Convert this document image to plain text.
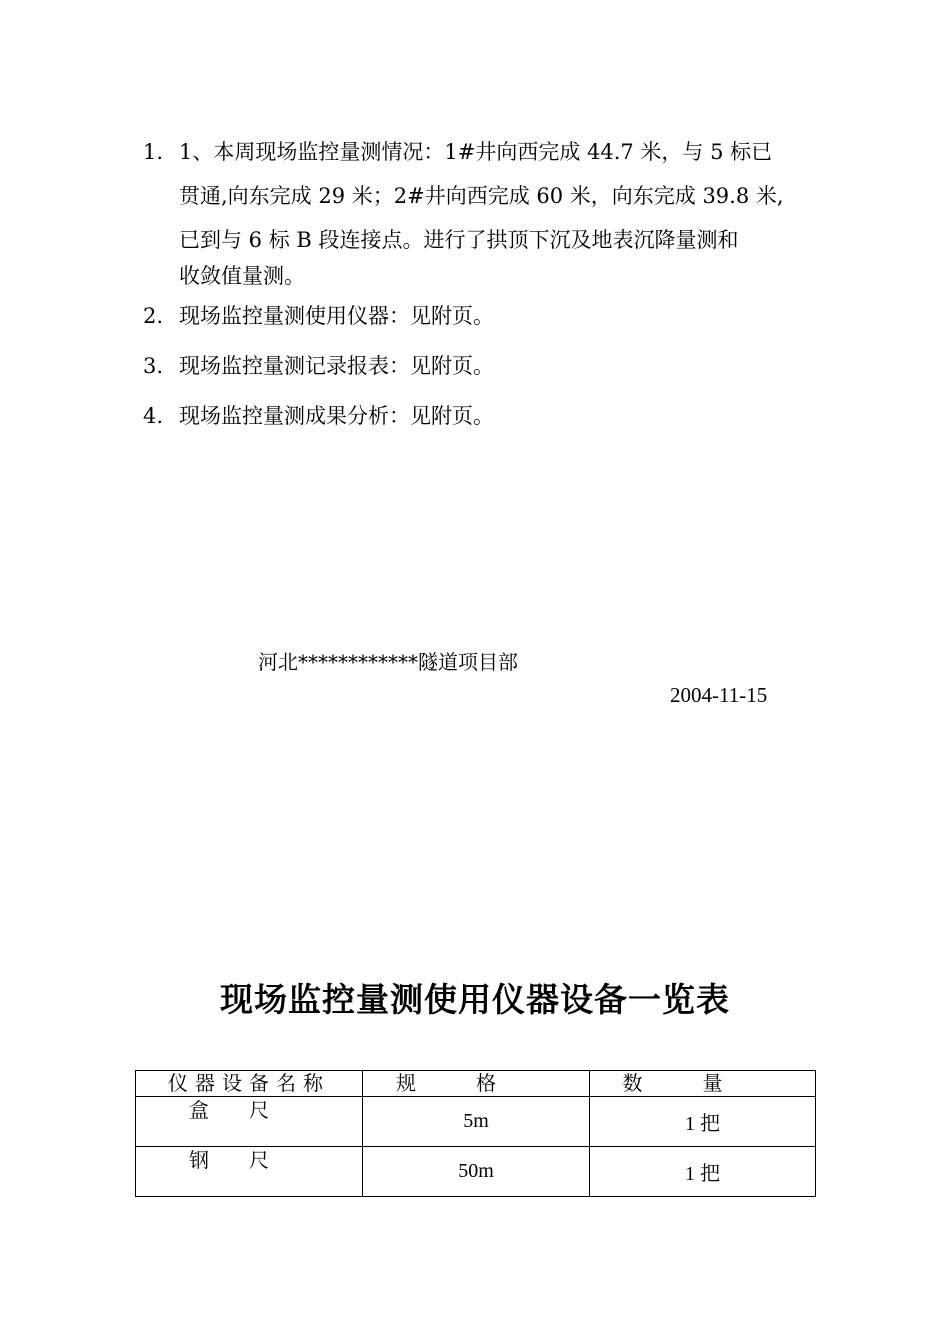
1. 1、本周现场监控量测情况：1#井向西完成 44.7 米，与 5 标已
贯通,向东完成 29 米；2#井向西完成 60 米，向东完成 39.8 米,
已到与 6 标 B 段连接点。进行了拱顶下沉及地表沉降量测和
收敛值量测。
2. 现场监控量测使用仪器：见附页。
3. 现场监控量测记录报表：见附页。
4. 现场监控量测成果分析：见附页。
河北************隧道项目部
2004-11-15
现场监控量测使用仪器设备一览表
仪器设备名称	规格	数量
盒尺	5m	1 把
钢尺	50m	1 把
